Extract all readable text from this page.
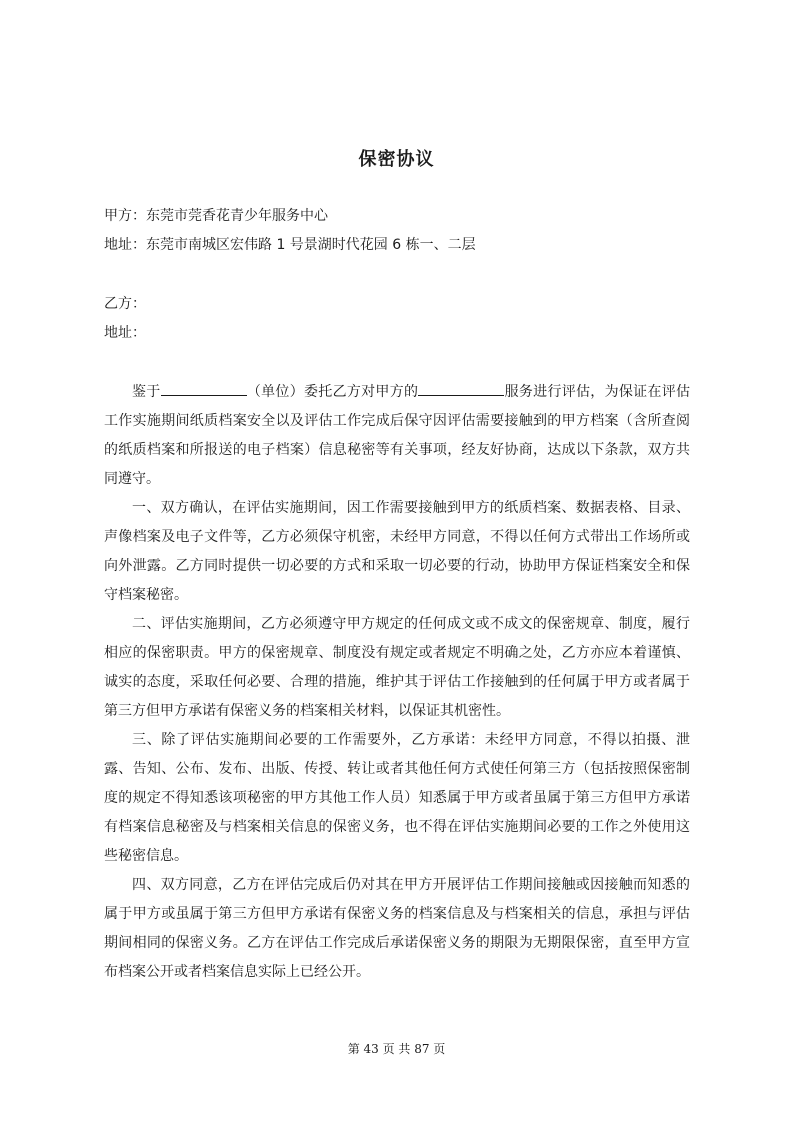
保密协议
甲方：东莞市莞香花青少年服务中心
地址：东莞市南城区宏伟路 1 号景湖时代花园 6 栋一、二层
乙方：
地址：

鉴于	（单位）委托乙方对甲方的	服务进行评估，为保证在评估工作实施期间纸质档案安全以及评估工作完成后保守因评估需要接触到的甲方档案（含所查阅的纸质档案和所报送的电子档案）信息秘密等有关事项，经友好协商，达成以下条款，双方共同遵守。

一、双方确认，在评估实施期间，因工作需要接触到甲方的纸质档案、数据表格、目录、声像档案及电子文件等，乙方必须保守机密，未经甲方同意，不得以任何方式带出工作场所或向外泄露。乙方同时提供一切必要的方式和采取一切必要的行动，协助甲方保证档案安全和保守档案秘密。

二、评估实施期间，乙方必须遵守甲方规定的任何成文或不成文的保密规章、制度，履行相应的保密职责。甲方的保密规章、制度没有规定或者规定不明确之处，乙方亦应本着谨慎、诚实的态度，采取任何必要、合理的措施，维护其于评估工作接触到的任何属于甲方或者属于第三方但甲方承诺有保密义务的档案相关材料，以保证其机密性。

三、除了评估实施期间必要的工作需要外，乙方承诺：未经甲方同意，不得以拍摄、泄露、告知、公布、发布、出版、传授、转让或者其他任何方式使任何第三方（包括按照保密制度的规定不得知悉该项秘密的甲方其他工作人员）知悉属于甲方或者虽属于第三方但甲方承诺有档案信息秘密及与档案相关信息的保密义务，也不得在评估实施期间必要的工作之外使用这些秘密信息。

四、双方同意，乙方在评估完成后仍对其在甲方开展评估工作期间接触或因接触而知悉的属于甲方或虽属于第三方但甲方承诺有保密义务的档案信息及与档案相关的信息，承担与评估期间相同的保密义务。乙方在评估工作完成后承诺保密义务的期限为无期限保密，直至甲方宣布档案公开或者档案信息实际上已经公开。

第 43 页 共 87 页
